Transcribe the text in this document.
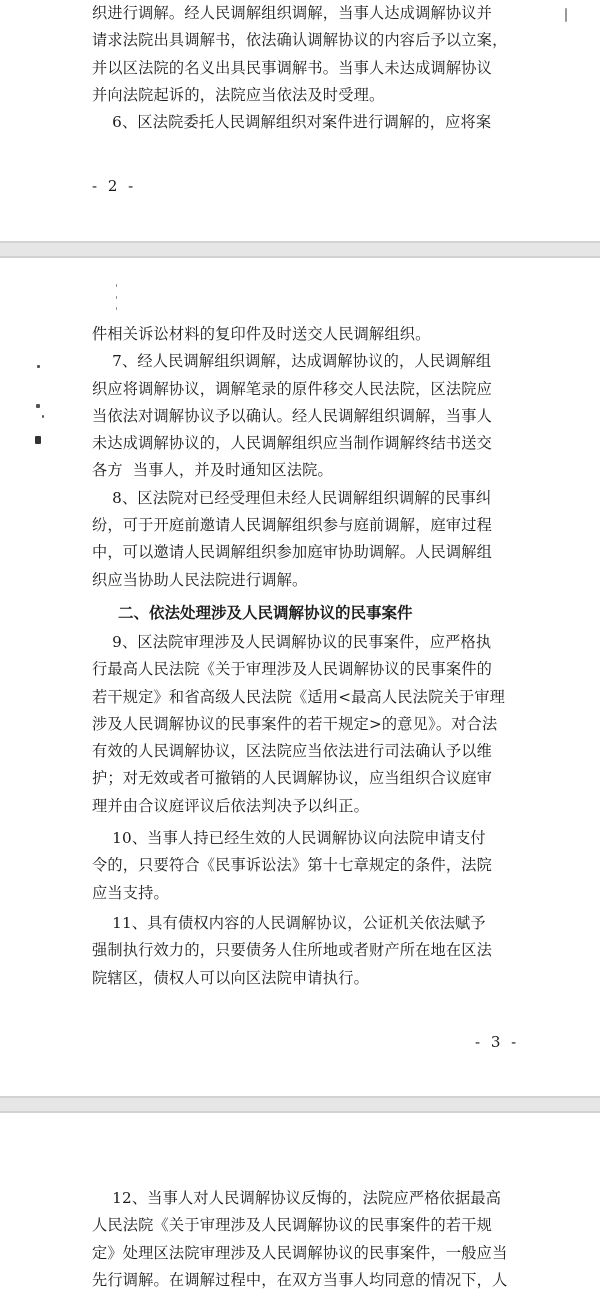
织进行调解。经人民调解组织调解，当事人达成调解协议并
请求法院出具调解书，依法确认调解协议的内容后予以立案，
并以区法院的名义出具民事调解书。当事人未达成调解协议
并向法院起诉的，法院应当依法及时受理。
6、区法院委托人民调解组织对案件进行调解的，应将案
- 2 -
件相关诉讼材料的复印件及时送交人民调解组织。
7、经人民调解组织调解，达成调解协议的，人民调解组
织应将调解协议，调解笔录的原件移交人民法院，区法院应
当依法对调解协议予以确认。经人民调解组织调解，当事人
未达成调解协议的，人民调解组织应当制作调解终结书送交
各方  当事人，并及时通知区法院。
8、区法院对已经受理但未经人民调解组织调解的民事纠
纷，可于开庭前邀请人民调解组织参与庭前调解，庭审过程
中，可以邀请人民调解组织参加庭审协助调解。人民调解组
织应当协助人民法院进行调解。
二、依法处理涉及人民调解协议的民事案件
9、区法院审理涉及人民调解协议的民事案件，应严格执
行最高人民法院《关于审理涉及人民调解协议的民事案件的
若干规定》和省高级人民法院《适用<最高人民法院关于审理
涉及人民调解协议的民事案件的若干规定>的意见》。对合法
有效的人民调解协议，区法院应当依法进行司法确认予以维
护；对无效或者可撤销的人民调解协议，应当组织合议庭审
理并由合议庭评议后依法判决予以纠正。
10、当事人持已经生效的人民调解协议向法院申请支付
令的，只要符合《民事诉讼法》第十七章规定的条件，法院
应当支持。
11、具有债权内容的人民调解协议，公证机关依法赋予
强制执行效力的，只要债务人住所地或者财产所在地在区法
院辖区，债权人可以向区法院申请执行。
- 3 -
12、当事人对人民调解协议反悔的，法院应严格依据最高
人民法院《关于审理涉及人民调解协议的民事案件的若干规
定》处理区法院审理涉及人民调解协议的民事案件，一般应当
先行调解。在调解过程中，在双方当事人均同意的情况下，人
